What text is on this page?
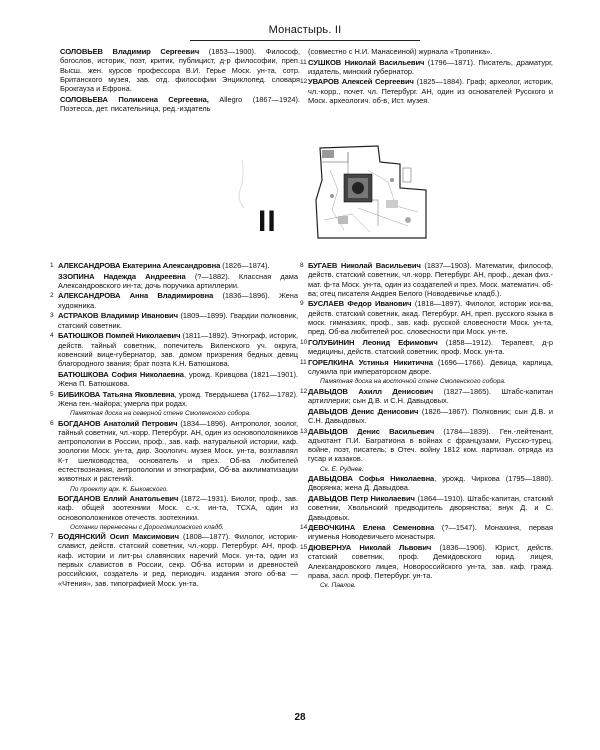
Монастырь. II
СОЛОВЬЕВ Владимир Сергеевич (1853—1900). Философ, богослов, историк, поэт, критик, публицист, д-р философии, преп. Высш. жен. курсов профессора В.И. Герье Моск. ун-та, сотр. Британского музея, зав. отд. философии Энциклопед. словаря Брокгауза и Ефрона.
СОЛОВЬЕВА Поликсена Сергеевна, Allegro (1867—1924). Поэтесса, дет. писательница, ред.-издатель
(совместно с Н.И. Манасеиной) журнала «Тропинка».
11 СУШКОВ Николай Васильевич (1796—1871). Писатель, драматург, издатель, минский губернатор.
12 УВАРОВ Алексей Сергеевич (1825—1884). Граф; археолог, историк, чл.-корр., почет. чл. Петербург. АН, один из основателей Русского и Моск. археологич. об-в, Ист. музея.
II
1 АЛЕКСАНДРОВА Екатерина Александровна (1826—1874).
ЗЗОПИНА Надежда Андреевна (?—1882). Классная дама Александровского ин-та; дочь поручика артиллерии.
2 АЛЕКСАНДРОВА Анна Владимировна (1836—1896). Жена художника.
3 АСТРАКОВ Владимир Иванович (1809—1899). Гвардии полковник, статский советник.
4 БАТЮШКОВ Помпей Николаевич (1811—1892). Этнограф, историк, действ. тайный советник, попечитель Виленского уч. округа, ковенский вице-губернатор, зав. домом призрения бедных девиц благородного звания; брат поэта К.Н. Батюшкова.
БАТЮШКОВА София Николаевна, урожд. Кривцова (1821—1901). Жена П. Батюшкова.
5 БИБИКОВА Татьяна Яковлевна, урожд. Твердышева (1762—1782). Жена ген.-майора; умерла при родах.
Памятная доска на северной стене Смоленского собора.
6 БОГДАНОВ Анатолий Петрович (1834—1896). Антрополог, зоолог, тайный советник, чл.-корр. Петербург. АН, один из основоположников антропологии в России, проф., зав. каф. натуральной истории, каф. зоологии Моск. ун-та, дир. Зоологич. музея Моск. ун-та, возглавлял К-т шелководства, основатель и през. Об-ва любителей естествознания, антропологии и этнографии, Об-ва акклиматизации животных и растений.
По проекту арх. К. Быковского.
БОГДАНОВ Еллий Анатольевич (1872—1931). Биолог, проф., зав. каф. общей зоотехники Моск. с.-х. ин-та, ТСХА, один из основоположников отечеств. зоотехники.
Останки перенесены с Дорогомиловского кладб.
7 БОДЯНСКИЙ Осип Максимович (1808—1877). Филолог, историк-славист, действ. статский советник, чл.-корр. Петербург. АН, проф. каф. истории и лит-ры славянских наречий Моск. ун-та, один из первых славистов в России, секр. Об-ва истории и древностей российских, создатель и ред. периодич. издания этого об-ва — «Чтения», зав. типографией Моск. ун-та.
8 БУГАЕВ Николай Васильевич (1837—1903). Математик, философ, действ. статский советник, чл.-корр. Петербург. АН, проф., декан физ.-мат. ф-та Моск. ун-та, один из создателей и през. Моск. математич. об-ва; отец писателя Андрея Белого (Новодевичье кладб.).
9 БУСЛАЕВ Федор Иванович (1818—1897). Филолог, историк иск-ва, действ. статский советник, акад. Петербург. АН, преп. русского языка в моск. гимназиях, проф., зав. каф. русской словесности Моск. ун-та, пред. Об-ва любителей рос. словесности при Моск. ун-те.
10 ГОЛУБИНИН Леонид Ефимович (1858—1912). Терапевт, д-р медицины, действ. статский советник, проф. Моск. ун-та.
11 ГОРЕЛКИНА Устинья Никитична (1696—1766). Девица, карлица, служила при императорском дворе.
Памятная доска на восточной стене Смоленского собора.
12 ДАВЫДОВ Ахилл Денисович (1827—1865). Штабс-капитан артиллерии; сын Д.В. и С.Н. Давыдовых.
ДАВЫДОВ Денис Денисович (1826—1867). Полковник; сын Д.В. и С.Н. Давыдовых.
13 ДАВЫДОВ Денис Васильевич (1784—1839). Ген.-лейтенант, адъютант П.И. Багратиона в войнах с французами, Русско-турец. войне, поэт, писатель; в Отеч. войну 1812 ком. партизан. отряда из гусар и казаков.
Ск. Е. Руднев.
ДАВЫДОВА Софья Николаевна, урожд. Чиркова (1795—1880). Дворянка; жена Д. Давыдова.
ДАВЫДОВ Петр Николаевич (1864—1910). Штабс-капитан, статский советник, Хвольнский предводитель дворянства; внук Д. и С. Давыдовых.
14 ДЕВОЧКИНА Елена Семеновна (?—1547). Монахиня, первая игуменья Новодевичьего монастыря.
15 ДЮВЕРНУА Николай Львович (1836—1906). Юрист, действ. статский советник, проф. Демидовского юрид. лицея, Александровского лицея, Новороссийского ун-та, зав. каф. гражд. права, засл. проф. Петербург. ун-та.
Ск. Павлов.
28
